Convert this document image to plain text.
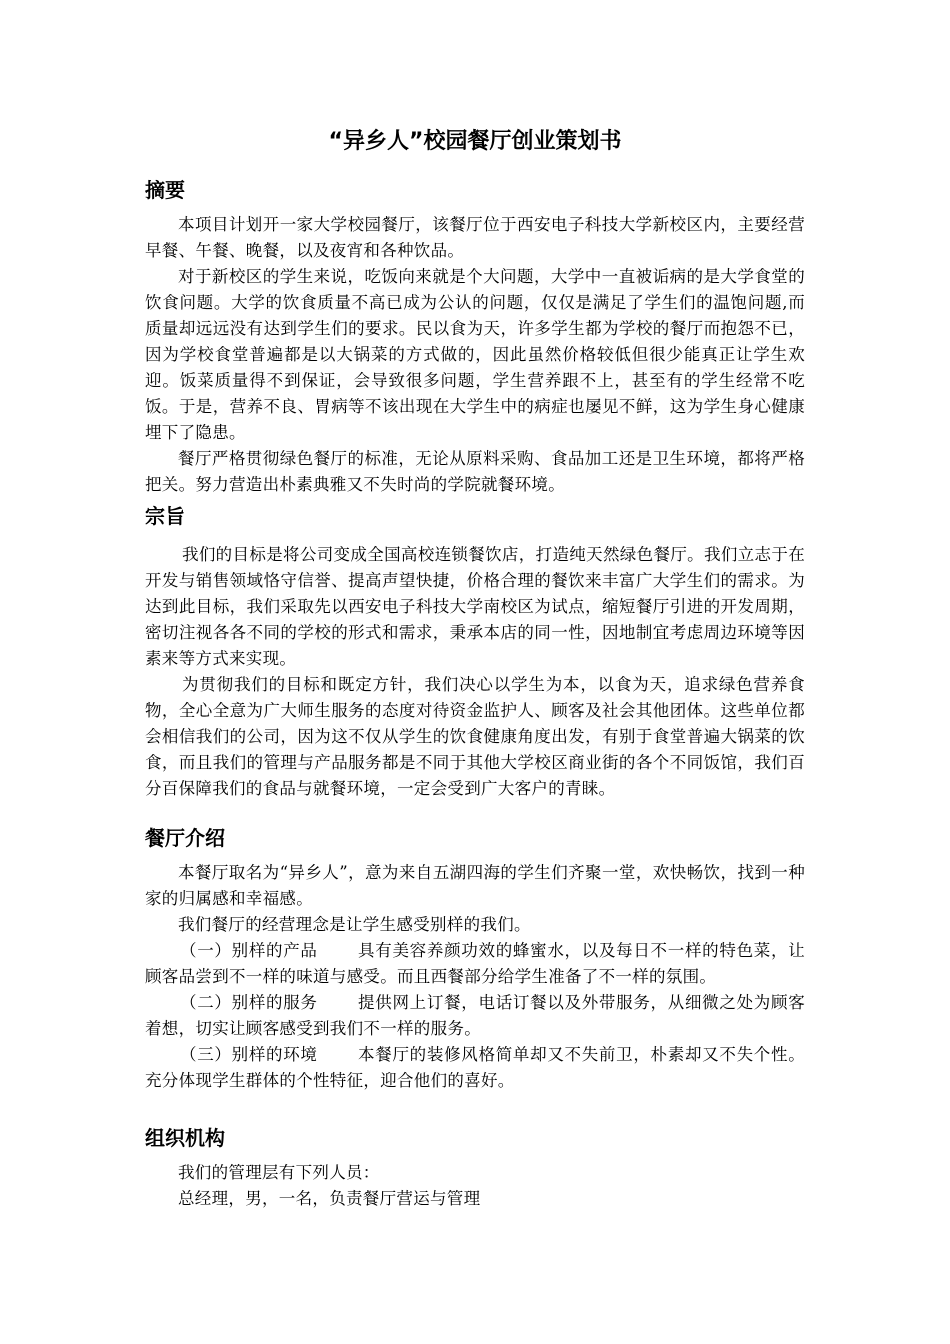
“异乡人”校园餐厅创业策划书
摘要

本项目计划开一家大学校园餐厅，该餐厅位于西安电子科技大学新校区内，主要经营早餐、午餐、晚餐，以及夜宵和各种饮品。

对于新校区的学生来说，吃饭向来就是个大问题，大学中一直被诟病的是大学食堂的饮食问题。大学的饮食质量不高已成为公认的问题，仅仅是满足了学生们的温饱问题,而质量却远远没有达到学生们的要求。民以食为天，许多学生都为学校的餐厅而抱怨不已，因为学校食堂普遍都是以大锅菜的方式做的，因此虽然价格较低但很少能真正让学生欢迎。饭菜质量得不到保证，会导致很多问题，学生营养跟不上，甚至有的学生经常不吃饭。于是，营养不良、胃病等不该出现在大学生中的病症也屡见不鲜，这为学生身心健康埋下了隐患。

餐厅严格贯彻绿色餐厅的标准，无论从原料采购、食品加工还是卫生环境，都将严格把关。努力营造出朴素典雅又不失时尚的学院就餐环境。

宗旨

我们的目标是将公司变成全国高校连锁餐饮店，打造纯天然绿色餐厅。我们立志于在开发与销售领域恪守信誉、提高声望快捷，价格合理的餐饮来丰富广大学生们的需求。为达到此目标，我们采取先以西安电子科技大学南校区为试点，缩短餐厅引进的开发周期，密切注视各各不同的学校的形式和需求，秉承本店的同一性，因地制宜考虑周边环境等因素来等方式来实现。

为贯彻我们的目标和既定方针，我们决心以学生为本，以食为天，追求绿色营养食物，全心全意为广大师生服务的态度对待资金监护人、顾客及社会其他团体。这些单位都会相信我们的公司，因为这不仅从学生的饮食健康角度出发，有别于食堂普遍大锅菜的饮食，而且我们的管理与产品服务都是不同于其他大学校区商业街的各个不同饭馆，我们百分百保障我们的食品与就餐环境，一定会受到广大客户的青睐。

餐厅介绍

本餐厅取名为“异乡人”，意为来自五湖四海的学生们齐聚一堂，欢快畅饮，找到一种家的归属感和幸福感。

我们餐厅的经营理念是让学生感受别样的我们。

（一）别样的产品 具有美容养颜功效的蜂蜜水，以及每日不一样的特色菜，让顾客品尝到不一样的味道与感受。而且西餐部分给学生准备了不一样的氛围。

（二）别样的服务 提供网上订餐，电话订餐以及外带服务，从细微之处为顾客着想，切实让顾客感受到我们不一样的服务。

（三）别样的环境 本餐厅的装修风格简单却又不失前卫，朴素却又不失个性。充分体现学生群体的个性特征，迎合他们的喜好。

组织机构

我们的管理层有下列人员：

总经理，男，一名，负责餐厅营运与管理
